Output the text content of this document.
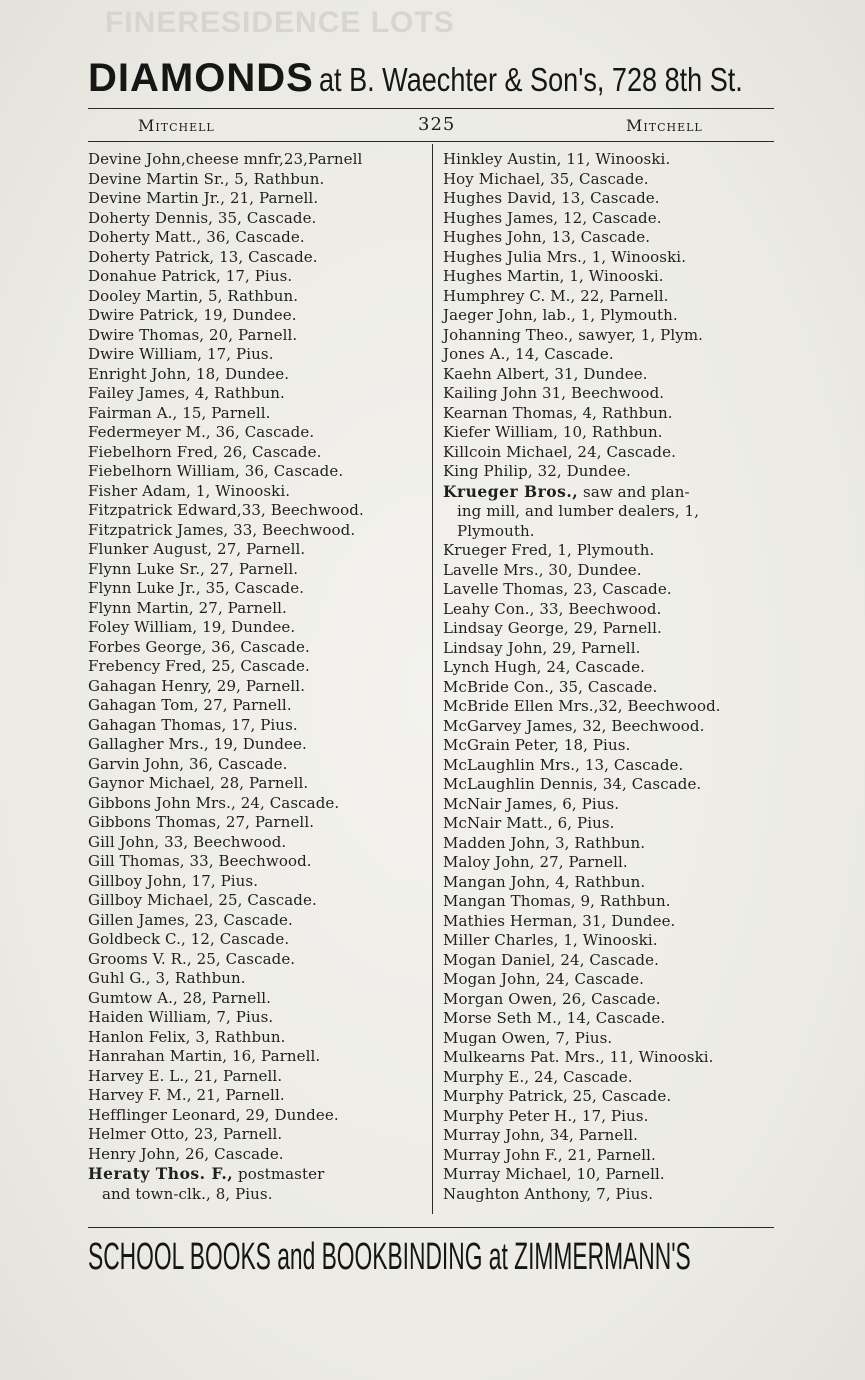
FINERESIDENCE LOTS
DIAMONDS at B. Waechter & Son's, 728 8th St.
Mitchell	325	Mitchell
Devine John,cheese mnfr,23,Parnell
Devine Martin Sr., 5, Rathbun.
Devine Martin Jr., 21, Parnell.
Doherty Dennis, 35, Cascade.
Doherty Matt., 36, Cascade.
Doherty Patrick, 13, Cascade.
Donahue Patrick, 17, Pius.
Dooley Martin, 5, Rathbun.
Dwire Patrick, 19, Dundee.
Dwire Thomas, 20, Parnell.
Dwire William, 17, Pius.
Enright John, 18, Dundee.
Failey James, 4, Rathbun.
Fairman A., 15, Parnell.
Federmeyer M., 36, Cascade.
Fiebelhorn Fred, 26, Cascade.
Fiebelhorn William, 36, Cascade.
Fisher Adam, 1, Winooski.
Fitzpatrick Edward,33, Beechwood.
Fitzpatrick James, 33, Beechwood.
Flunker August, 27, Parnell.
Flynn Luke Sr., 27, Parnell.
Flynn Luke Jr., 35, Cascade.
Flynn Martin, 27, Parnell.
Foley William, 19, Dundee.
Forbes George, 36, Cascade.
Frebency Fred, 25, Cascade.
Gahagan Henry, 29, Parnell.
Gahagan Tom, 27, Parnell.
Gahagan Thomas, 17, Pius.
Gallagher Mrs., 19, Dundee.
Garvin John, 36, Cascade.
Gaynor Michael, 28, Parnell.
Gibbons John Mrs., 24, Cascade.
Gibbons Thomas, 27, Parnell.
Gill John, 33, Beechwood.
Gill Thomas, 33, Beechwood.
Gillboy John, 17, Pius.
Gillboy Michael, 25, Cascade.
Gillen James, 23, Cascade.
Goldbeck C., 12, Cascade.
Grooms V. R., 25, Cascade.
Guhl G., 3, Rathbun.
Gumtow A., 28, Parnell.
Haiden William, 7, Pius.
Hanlon Felix, 3, Rathbun.
Hanrahan Martin, 16, Parnell.
Harvey E. L., 21, Parnell.
Harvey F. M., 21, Parnell.
Hefflinger Leonard, 29, Dundee.
Helmer Otto, 23, Parnell.
Henry John, 26, Cascade.
Heraty Thos. F., postmaster
and town-clk., 8, Pius.
Hinkley Austin, 11, Winooski.
Hoy Michael, 35, Cascade.
Hughes David, 13, Cascade.
Hughes James, 12, Cascade.
Hughes John, 13, Cascade.
Hughes Julia Mrs., 1, Winooski.
Hughes Martin, 1, Winooski.
Humphrey C. M., 22, Parnell.
Jaeger John, lab., 1, Plymouth.
Johanning Theo., sawyer, 1, Plym.
Jones A., 14, Cascade.
Kaehn Albert, 31, Dundee.
Kailing John 31, Beechwood.
Kearnan Thomas, 4, Rathbun.
Kiefer William, 10, Rathbun.
Killcoin Michael, 24, Cascade.
King Philip, 32, Dundee.
Krueger Bros., saw and plan-
ing mill, and lumber dealers, 1,
Plymouth.
Krueger Fred, 1, Plymouth.
Lavelle Mrs., 30, Dundee.
Lavelle Thomas, 23, Cascade.
Leahy Con., 33, Beechwood.
Lindsay George, 29, Parnell.
Lindsay John, 29, Parnell.
Lynch Hugh, 24, Cascade.
McBride Con., 35, Cascade.
McBride Ellen Mrs.,32, Beechwood.
McGarvey James, 32, Beechwood.
McGrain Peter, 18, Pius.
McLaughlin Mrs., 13, Cascade.
McLaughlin Dennis, 34, Cascade.
McNair James, 6, Pius.
McNair Matt., 6, Pius.
Madden John, 3, Rathbun.
Maloy John, 27, Parnell.
Mangan John, 4, Rathbun.
Mangan Thomas, 9, Rathbun.
Mathies Herman, 31, Dundee.
Miller Charles, 1, Winooski.
Mogan Daniel, 24, Cascade.
Mogan John, 24, Cascade.
Morgan Owen, 26, Cascade.
Morse Seth M., 14, Cascade.
Mugan Owen, 7, Pius.
Mulkearns Pat. Mrs., 11, Winooski.
Murphy E., 24, Cascade.
Murphy Patrick, 25, Cascade.
Murphy Peter H., 17, Pius.
Murray John, 34, Parnell.
Murray John F., 21, Parnell.
Murray Michael, 10, Parnell.
Naughton Anthony, 7, Pius.
SCHOOL BOOKS and BOOKBINDING at ZIMMERMANN'S
